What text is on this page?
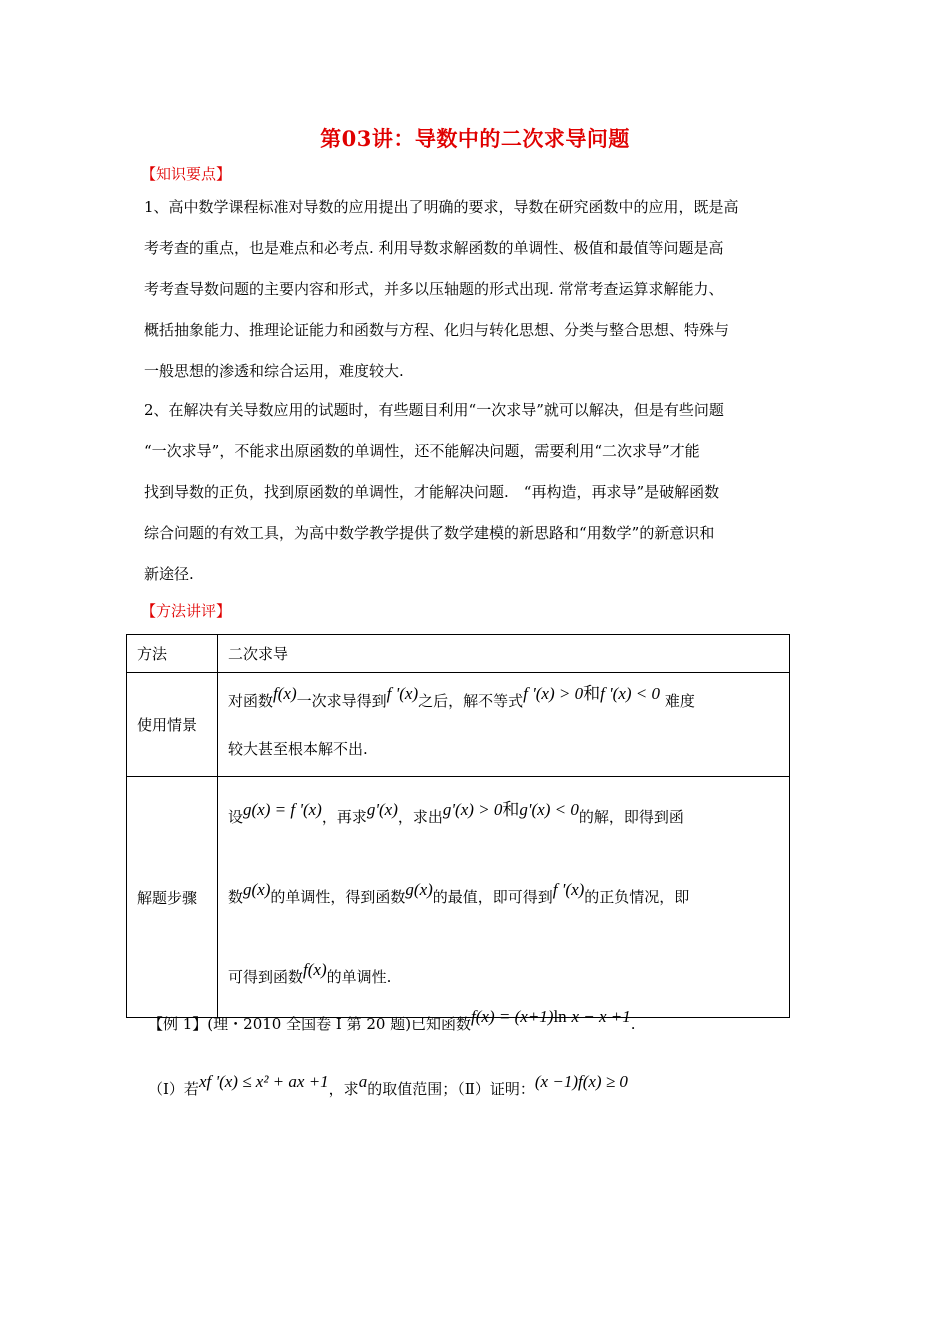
第03讲：导数中的二次求导问题
【知识要点】
1、高中数学课程标准对导数的应用提出了明确的要求，导数在研究函数中的应用，既是高
考考查的重点，也是难点和必考点. 利用导数求解函数的单调性、极值和最值等问题是高
考考查导数问题的主要内容和形式，并多以压轴题的形式出现. 常常考查运算求解能力、
概括抽象能力、推理论证能力和函数与方程、化归与转化思想、分类与整合思想、特殊与
一般思想的渗透和综合运用，难度较大.
2、在解决有关导数应用的试题时，有些题目利用“一次求导”就可以解决，但是有些问题
“一次求导”，不能求出原函数的单调性，还不能解决问题，需要利用“二次求导”才能
找到导数的正负，找到原函数的单调性，才能解决问题.　“再构造，再求导”是破解函数
综合问题的有效工具，为高中数学教学提供了数学建模的新思路和“用数学”的新意识和
新途径.
【方法讲评】
方法	二次求导
使用情景	对函数f(x)一次求导得到f '(x)之后，解不等式f '(x) > 0和f '(x) < 0 难度
较大甚至根本解不出.

解题步骤	设g(x) = f '(x)，再求g'(x)，求出g'(x) > 0和g'(x) < 0的解，即得到函
数g(x)的单调性，得到函数g(x)的最值，即可得到f '(x)的正负情况，即
可得到函数f(x)的单调性.
【例 1】(理・2010 全国卷 I 第 20 题)已知函数f(x) = (x+1)ln x − x +1.
（Ⅰ）若xf '(x) ≤ x² + ax +1，求a的取值范围；（Ⅱ）证明：(x −1)f(x) ≥ 0
